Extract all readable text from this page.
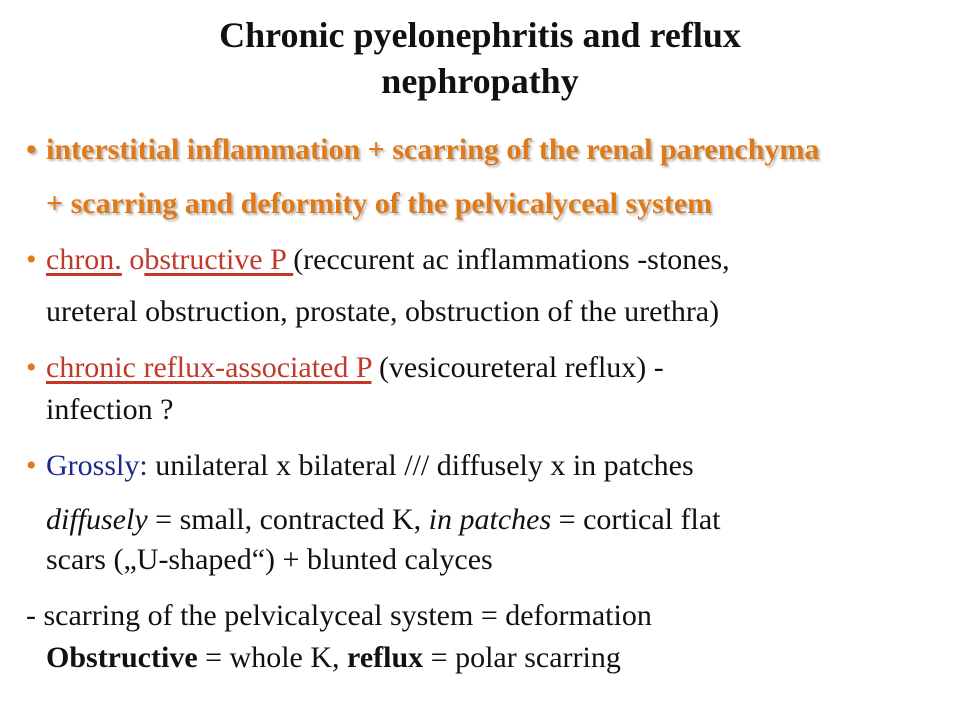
Chronic pyelonephritis and reflux
nephropathy
• interstitial inflammation + scarring of the renal parenchyma
+ scarring and deformity of the pelvicalyceal system
• chron. obstructive P (reccurent ac inflammations -stones,
ureteral obstruction, prostate, obstruction of the urethra)
• chronic reflux-associated P (vesicoureteral reflux) -
infection ?
• Grossly: unilateral x bilateral /// diffusely x in patches
diffusely = small, contracted K, in patches = cortical flat
scars („U-shaped“) + blunted calyces
- scarring of the pelvicalyceal system = deformation
Obstructive = whole K, reflux = polar scarring
